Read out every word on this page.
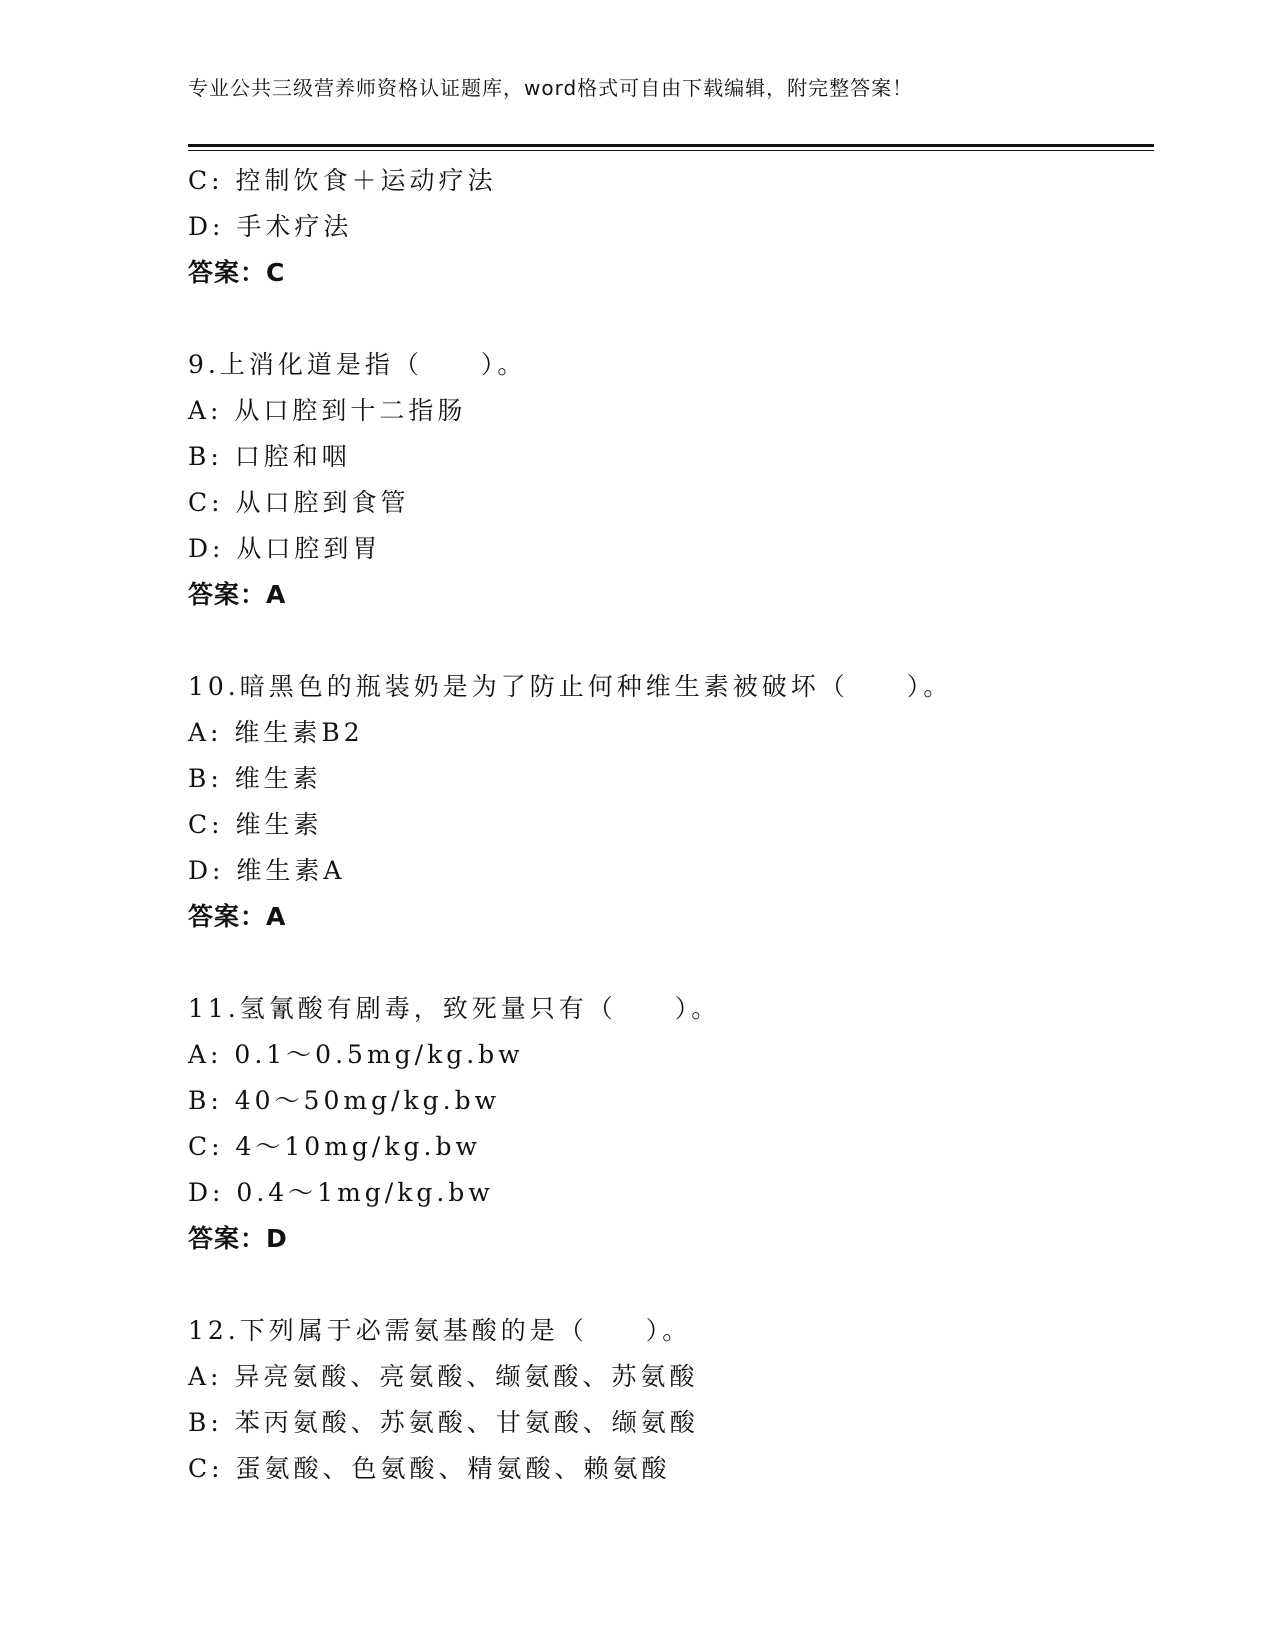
专业公共三级营养师资格认证题库，word格式可自由下载编辑，附完整答案！
C: 控制饮食＋运动疗法
D: 手术疗法
答案：C
9.上消化道是指（　　）。
A: 从口腔到十二指肠
B: 口腔和咽
C: 从口腔到食管
D: 从口腔到胃
答案：A
10.暗黑色的瓶装奶是为了防止何种维生素被破坏（　　）。
A: 维生素B2
B: 维生素
C: 维生素
D: 维生素A
答案：A
11.氢氰酸有剧毒，致死量只有（　　）。
A: 0.1～0.5mg/kg.bw
B: 40～50mg/kg.bw
C: 4～10mg/kg.bw
D: 0.4～1mg/kg.bw
答案：D
12.下列属于必需氨基酸的是（　　）。
A: 异亮氨酸、亮氨酸、缬氨酸、苏氨酸
B: 苯丙氨酸、苏氨酸、甘氨酸、缬氨酸
C: 蛋氨酸、色氨酸、精氨酸、赖氨酸
